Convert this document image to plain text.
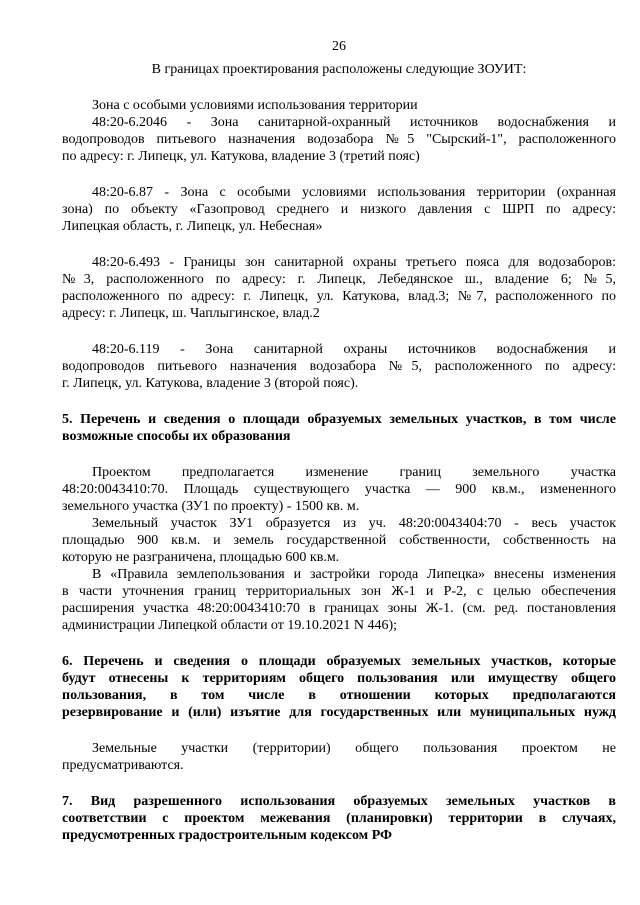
26
В границах проектирования расположены следующие ЗОУИТ:
Зона с особыми условиями использования территории
48:20-6.2046 - Зона санитарной-охранный источников водоснабжения и
водопроводов питьевого назначения водозабора №5 "Сырский-1", расположенного
по адресу: г. Липецк, ул. Катукова, владение 3 (третий пояс)
48:20-6.87 - Зона с особыми условиями использования территории (охранная
зона) по объекту «Газопровод среднего и низкого давления с ШРП по адресу:
Липецкая область, г. Липецк, ул. Небесная»
48:20-6.493 - Границы зон санитарной охраны третьего пояса для водозаборов:
№3, расположенного по адресу: г. Липецк, Лебедянское ш., владение 6; №5,
расположенного по адресу: г. Липецк, ул. Катукова, влад.3; №7, расположенного по
адресу: г. Липецк, ш. Чаплыгинское, влад.2
48:20-6.119 - Зона санитарной охраны источников водоснабжения и
водопроводов питьевого назначения водозабора №5, расположенного по адресу:
г. Липецк, ул. Катукова, владение 3 (второй пояс).
5. Перечень и сведения о площади образуемых земельных участков, в том числе
возможные способы их образования
Проектом предполагается изменение границ земельного участка
48:20:0043410:70. Площадь существующего участка — 900 кв.м., измененного
земельного участка (ЗУ1 по проекту) - 1500 кв. м.
Земельный участок ЗУ1 образуется из уч. 48:20:0043404:70 - весь участок
площадью 900 кв.м. и земель государственной собственности, собственность на
которую не разграничена, площадью 600 кв.м.
В «Правила землепользования и застройки города Липецка» внесены изменения
в части уточнения границ территориальных зон Ж-1 и Р-2, с целью обеспечения
расширения участка 48:20:0043410:70 в границах зоны Ж-1. (см. ред. постановления
администрации Липецкой области от 19.10.2021 N 446);
6. Перечень и сведения о площади образуемых земельных участков, которые
будут отнесены к территориям общего пользования или имуществу общего
пользования, в том числе в отношении которых предполагаются
резервирование и (или) изъятие для государственных или муниципальных нужд
Земельные участки (территории) общего пользования проектом не
предусматриваются.
7. Вид разрешенного использования образуемых земельных участков в
соответствии с проектом межевания (планировки) территории в случаях,
предусмотренных градостроительным кодексом РФ
